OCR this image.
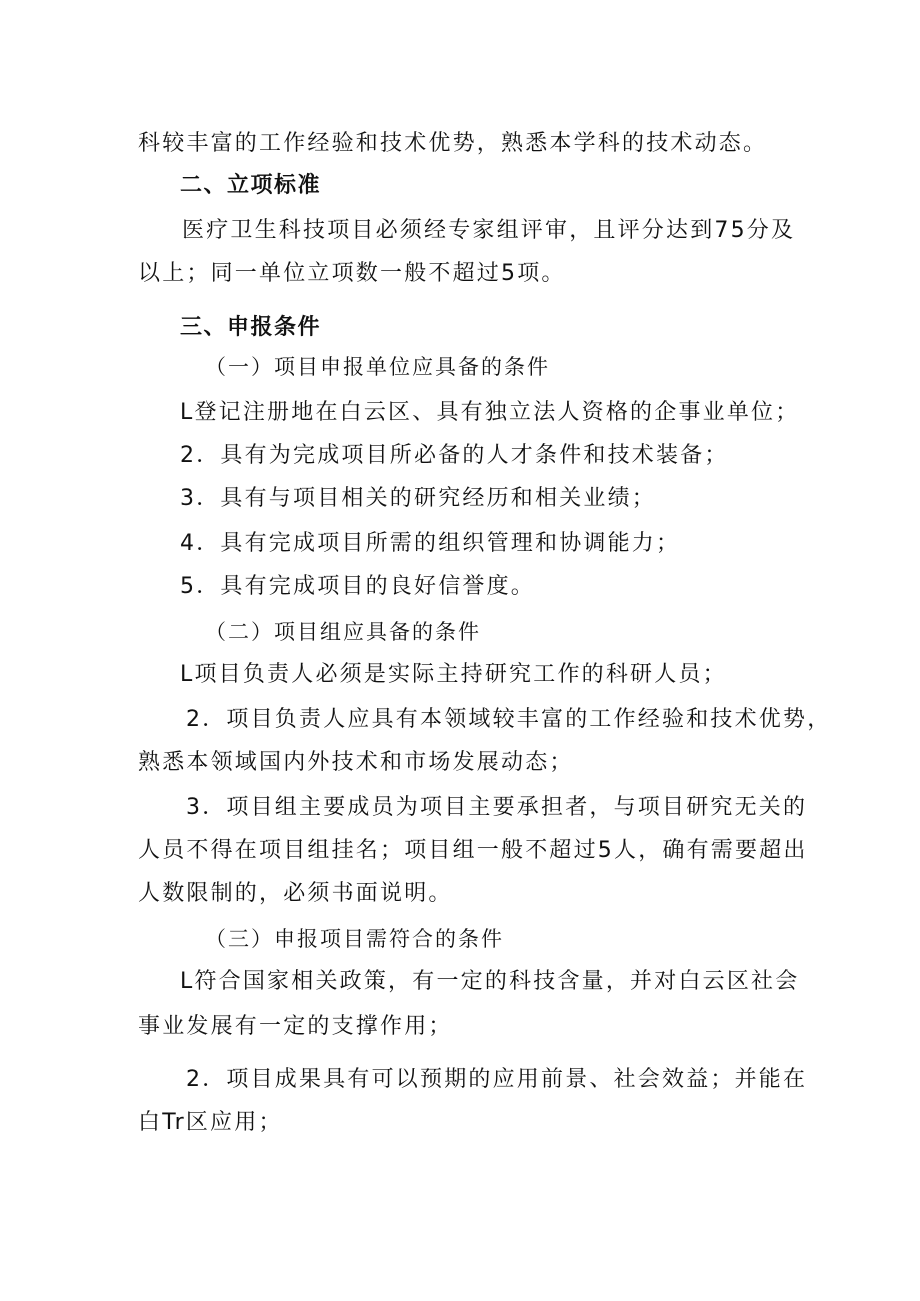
科较丰富的工作经验和技术优势，熟悉本学科的技术动态。

二、立项标准

医疗卫生科技项目必须经专家组评审，且评分达到75分及

以上；同一单位立项数一般不超过5项。

三、申报条件

（一）项目申报单位应具备的条件

L登记注册地在白云区、具有独立法人资格的企事业单位；

2．具有为完成项目所必备的人才条件和技术装备；

3．具有与项目相关的研究经历和相关业绩；

4．具有完成项目所需的组织管理和协调能力；

5．具有完成项目的良好信誉度。

（二）项目组应具备的条件

L项目负责人必须是实际主持研究工作的科研人员；

2．项目负责人应具有本领域较丰富的工作经验和技术优势，

熟悉本领域国内外技术和市场发展动态；

3．项目组主要成员为项目主要承担者，与项目研究无关的

人员不得在项目组挂名；项目组一般不超过5人，确有需要超出

人数限制的，必须书面说明。

（三）申报项目需符合的条件

L符合国家相关政策，有一定的科技含量，并对白云区社会

事业发展有一定的支撑作用；

2．项目成果具有可以预期的应用前景、社会效益；并能在

白Tr区应用；
